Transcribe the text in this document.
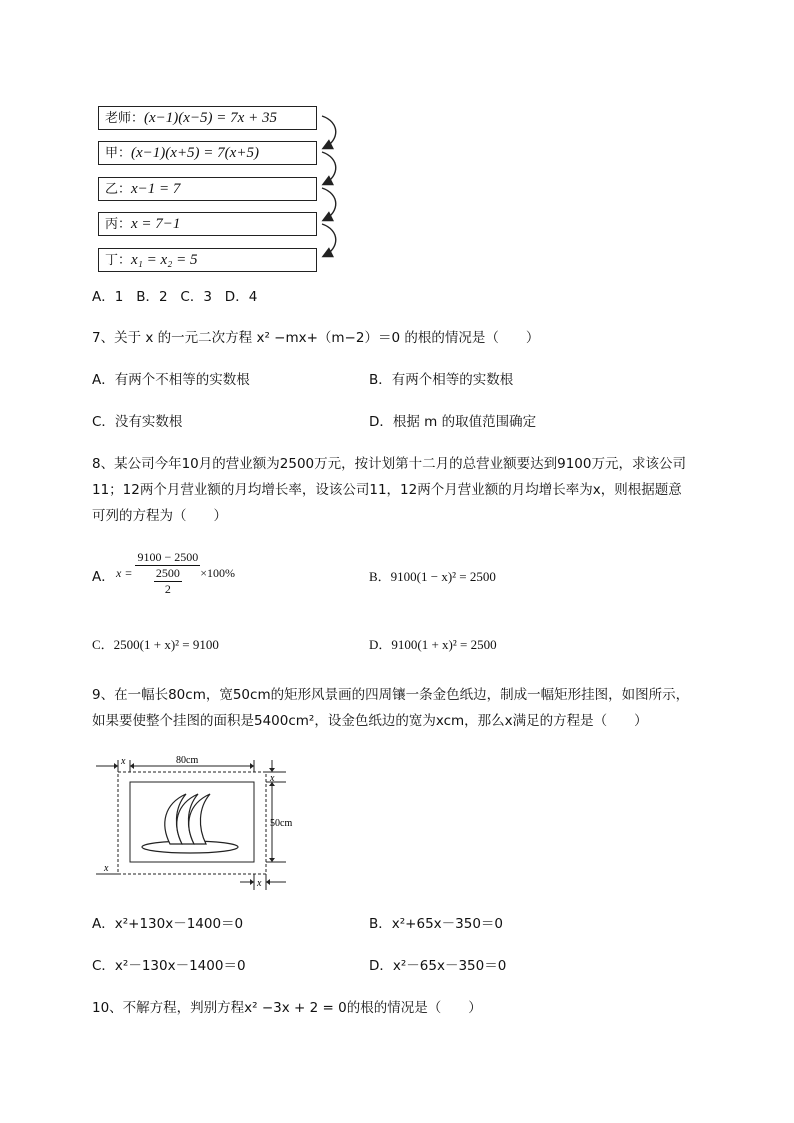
老师：(x−1)(x−5) = 7x + 35
甲：(x−1)(x+5) = 7(x+5)
乙：x−1 = 7
丙：x = 7−1
丁：x₁ = x₂ = 5
A．1   B．2   C．3   D．4
7、关于 x 的一元二次方程 x² −mx+（m−2）＝0 的根的情况是（　　）
A．有两个不相等的实数根	B．有两个相等的实数根
C．没有实数根	D．根据 m 的取值范围确定
8、某公司今年10月的营业额为2500万元，按计划第十二月的总营业额要达到9100万元，求该公司
11；12两个月营业额的月均增长率，设该公司11，12两个月营业额的月均增长率为x，则根据题意
可列的方程为（　　）
A． $x = \frac{9100 - 2500}{\frac{2500}{2}} \times 100\%$	B．9100(1 − x)² = 2500
C．2500(1 + x)² = 9100	D．9100(1 + x)² = 2500
9、在一幅长80cm，宽50cm的矩形风景画的四周镶一条金色纸边，制成一幅矩形挂图，如图所示，
如果要使整个挂图的面积是5400cm²，设金色纸边的宽为xcm，那么x满足的方程是（　　）
x	80cm
x
50cm
x
x
A．x²+130x－1400＝0	B．x²+65x－350＝0
C．x²－130x－1400＝0	D．x²－65x－350＝0
10、不解方程，判别方程x² −3x + 2 = 0的根的情况是（　　）
